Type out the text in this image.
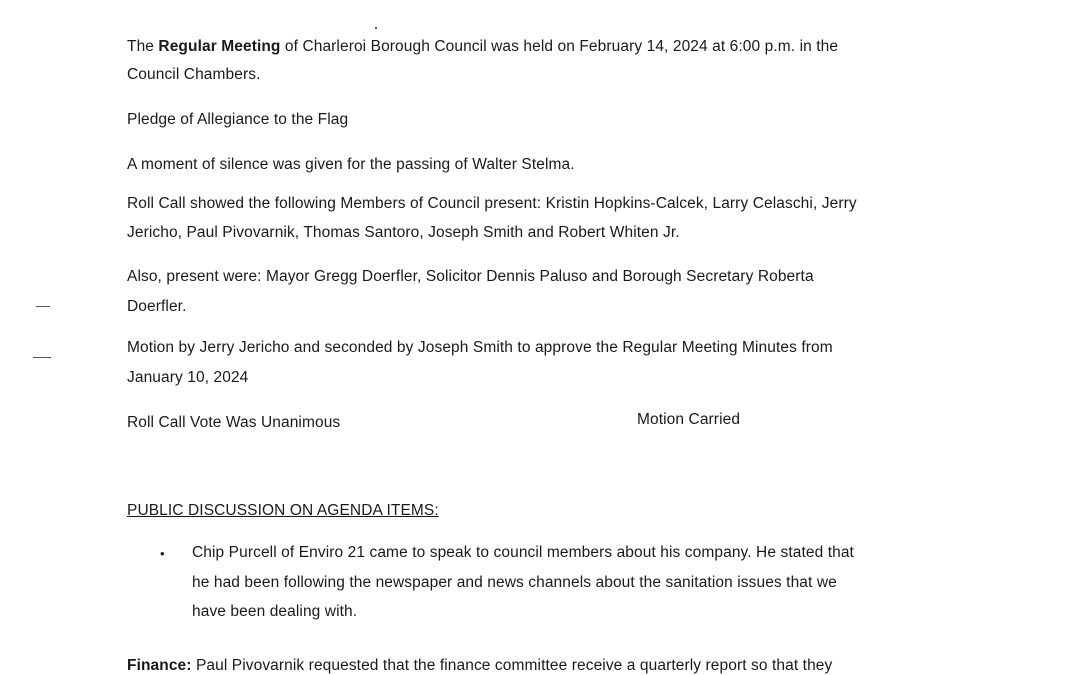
The Regular Meeting of Charleroi Borough Council was held on February 14, 2024 at 6:00 p.m. in the
Council Chambers.
Pledge of Allegiance to the Flag
A moment of silence was given for the passing of Walter Stelma.
Roll Call showed the following Members of Council present: Kristin Hopkins-Calcek, Larry Celaschi, Jerry
Jericho, Paul Pivovarnik, Thomas Santoro, Joseph Smith and Robert Whiten Jr.
Also, present were: Mayor Gregg Doerfler, Solicitor Dennis Paluso and Borough Secretary Roberta
Doerfler.
Motion by Jerry Jericho and seconded by Joseph Smith to approve the Regular Meeting Minutes from
January 10, 2024
Roll Call Vote Was Unanimous	Motion Carried
PUBLIC DISCUSSION ON AGENDA ITEMS:
• Chip Purcell of Enviro 21 came to speak to council members about his company. He stated that
he had been following the newspaper and news channels about the sanitation issues that we
have been dealing with.
Finance: Paul Pivovarnik requested that the finance committee receive a quarterly report so that they
